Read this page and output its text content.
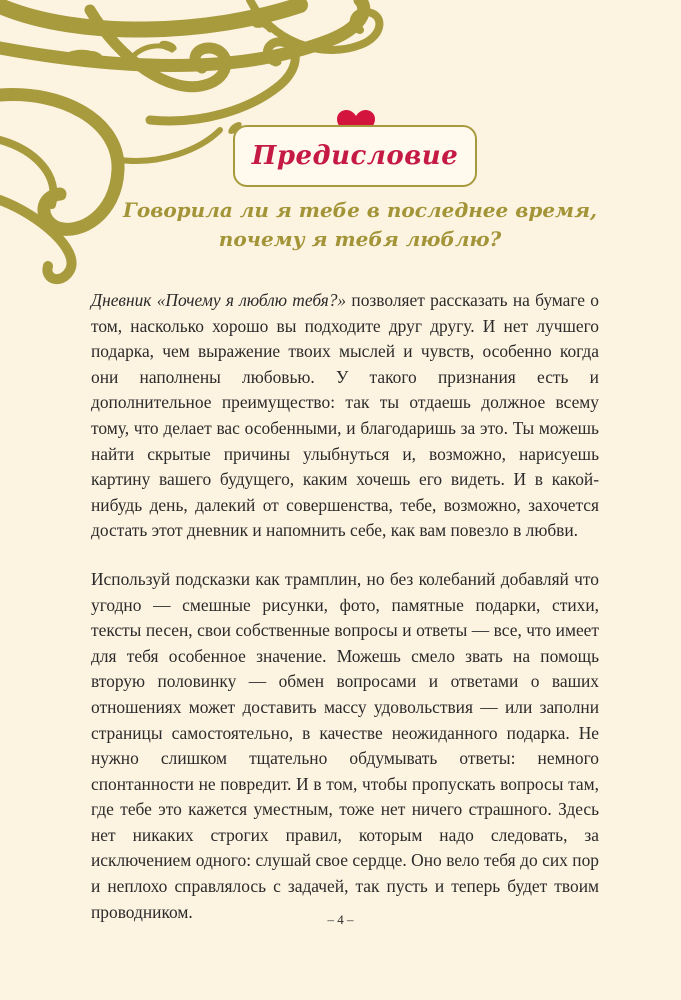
Предисловие
Говорила ли я тебе в последнее время,
почему я тебя люблю?

Дневник «Почему я люблю тебя?» позволяет рассказать на бумаге о том, насколько хорошо вы подходите друг другу. И нет лучшего подарка, чем выражение твоих мыслей и чувств, особенно когда они наполнены любовью. У такого признания есть и дополнительное преимущество: так ты отдаешь должное всему тому, что делает вас особенными, и благодаришь за это. Ты можешь найти скрытые причины улыбнуться и, возможно, нарисуешь картину вашего будущего, каким хочешь его видеть. И в какой-нибудь день, далекий от совершенства, тебе, возможно, захочется достать этот дневник и напомнить себе, как вам повезло в любви.

Используй подсказки как трамплин, но без колебаний добавляй что угодно — смешные рисунки, фото, памятные подарки, стихи, тексты песен, свои собственные вопросы и ответы — все, что имеет для тебя особенное значение. Можешь смело звать на помощь вторую половинку — обмен вопросами и ответами о ваших отношениях может доставить массу удовольствия — или заполни страницы самостоятельно, в качестве неожиданного подарка. Не нужно слишком тщательно обдумывать ответы: немного спонтанности не повредит. И в том, чтобы пропускать вопросы там, где тебе это кажется уместным, тоже нет ничего страшного. Здесь нет никаких строгих правил, которым надо следовать, за исключением одного: слушай свое сердце. Оно вело тебя до сих пор и неплохо справлялось с задачей, так пусть и теперь будет твоим проводником.	– 4 –
